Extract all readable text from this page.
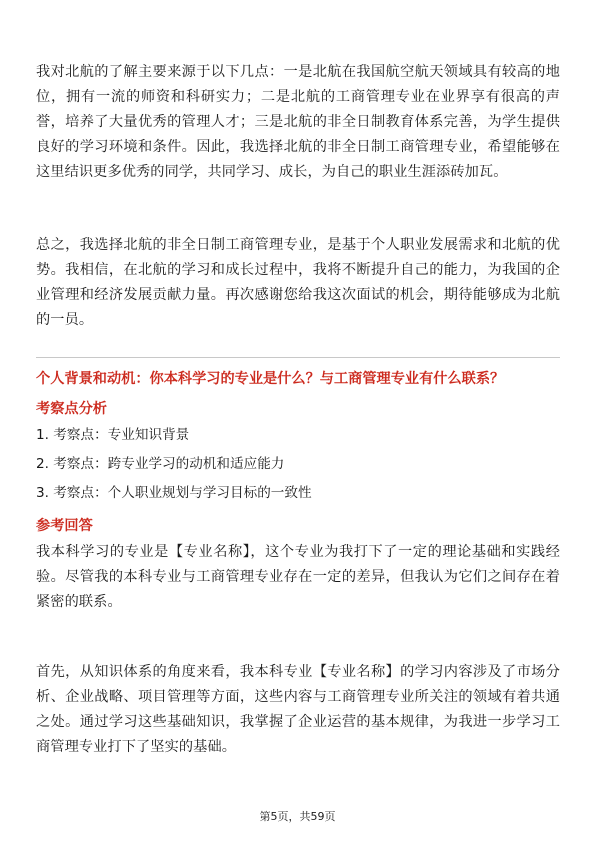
我对北航的了解主要来源于以下几点：一是北航在我国航空航天领域具有较高的地位，拥有一流的师资和科研实力；二是北航的工商管理专业在业界享有很高的声誉，培养了大量优秀的管理人才；三是北航的非全日制教育体系完善，为学生提供良好的学习环境和条件。因此，我选择北航的非全日制工商管理专业，希望能够在这里结识更多优秀的同学，共同学习、成长，为自己的职业生涯添砖加瓦。

总之，我选择北航的非全日制工商管理专业，是基于个人职业发展需求和北航的优势。我相信，在北航的学习和成长过程中，我将不断提升自己的能力，为我国的企业管理和经济发展贡献力量。再次感谢您给我这次面试的机会，期待能够成为北航的一员。

个人背景和动机：你本科学习的专业是什么？与工商管理专业有什么联系？
考察点分析
1. 考察点：专业知识背景
2. 考察点：跨专业学习的动机和适应能力
3. 考察点：个人职业规划与学习目标的一致性
参考回答

我本科学习的专业是【专业名称】，这个专业为我打下了一定的理论基础和实践经验。尽管我的本科专业与工商管理专业存在一定的差异，但我认为它们之间存在着紧密的联系。

首先，从知识体系的角度来看，我本科专业【专业名称】的学习内容涉及了市场分析、企业战略、项目管理等方面，这些内容与工商管理专业所关注的领域有着共通之处。通过学习这些基础知识，我掌握了企业运营的基本规律，为我进一步学习工商管理专业打下了坚实的基础。

第5页，共59页
